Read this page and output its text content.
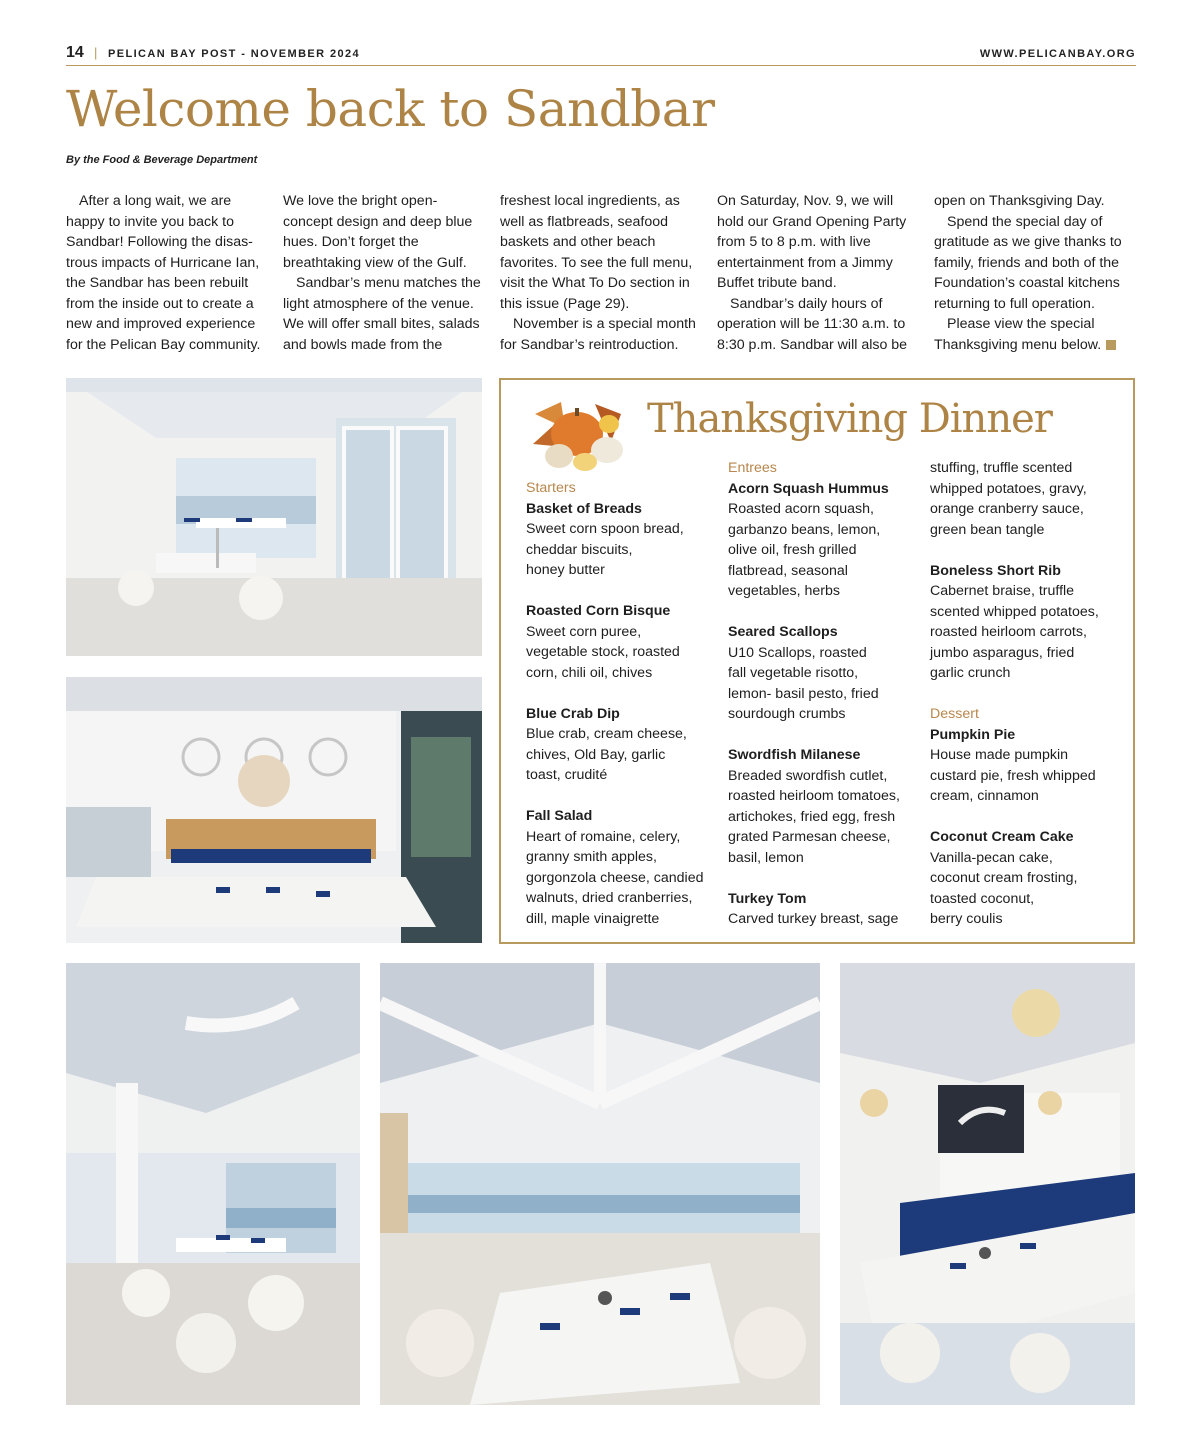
14 | PELICAN BAY POST - NOVEMBER 2024	WWW.PELICANBAY.ORG
Welcome back to Sandbar
By the Food & Beverage Department

After a long wait, we are happy to invite you back to Sandbar! Following the disas-trous impacts of Hurricane Ian, the Sandbar has been rebuilt from the inside out to create a new and improved experience for the Pelican Bay community.

We love the bright open-concept design and deep blue hues. Don’t forget the breathtaking view of the Gulf.

Sandbar’s menu matches the light atmosphere of the venue. We will offer small bites, salads and bowls made from the

freshest local ingredients, as well as flatbreads, seafood baskets and other beach favorites. To see the full menu, visit the What To Do section in this issue (Page 29).

November is a special month for Sandbar’s reintroduction.

On Saturday, Nov. 9, we will hold our Grand Opening Party from 5 to 8 p.m. with live entertainment from a Jimmy Buffet tribute band.

Sandbar’s daily hours of operation will be 11:30 a.m. to 8:30 p.m. Sandbar will also be

open on Thanksgiving Day.

Spend the special day of gratitude as we give thanks to family, friends and both of the Foundation’s coastal kitchens returning to full operation.

Please view the special Thanksgiving menu below.

Thanksgiving Dinner
Starters
Basket of Breads
Sweet corn spoon bread,
cheddar biscuits,
honey butter
Roasted Corn Bisque
Sweet corn puree,
vegetable stock, roasted
corn, chili oil, chives
Blue Crab Dip
Blue crab, cream cheese,
chives, Old Bay, garlic
toast, crudité
Fall Salad
Heart of romaine, celery,
granny smith apples,
gorgonzola cheese, candied
walnuts, dried cranberries,
dill, maple vinaigrette
Entrees
Acorn Squash Hummus
Roasted acorn squash,
garbanzo beans, lemon,
olive oil, fresh grilled
flatbread, seasonal
vegetables, herbs
Seared Scallops
U10 Scallops, roasted
fall vegetable risotto,
lemon- basil pesto, fried
sourdough crumbs
Swordfish Milanese
Breaded swordfish cutlet,
roasted heirloom tomatoes,
artichokes, fried egg, fresh
grated Parmesan cheese,
basil, lemon
Turkey Tom
Carved turkey breast, sage
stuffing, truffle scented
whipped potatoes, gravy,
orange cranberry sauce,
green bean tangle
Boneless Short Rib
Cabernet braise, truffle
scented whipped potatoes,
roasted heirloom carrots,
jumbo asparagus, fried
garlic crunch
Dessert
Pumpkin Pie
House made pumpkin
custard pie, fresh whipped
cream, cinnamon
Coconut Cream Cake
Vanilla-pecan cake,
coconut cream frosting,
toasted coconut,
berry coulis
